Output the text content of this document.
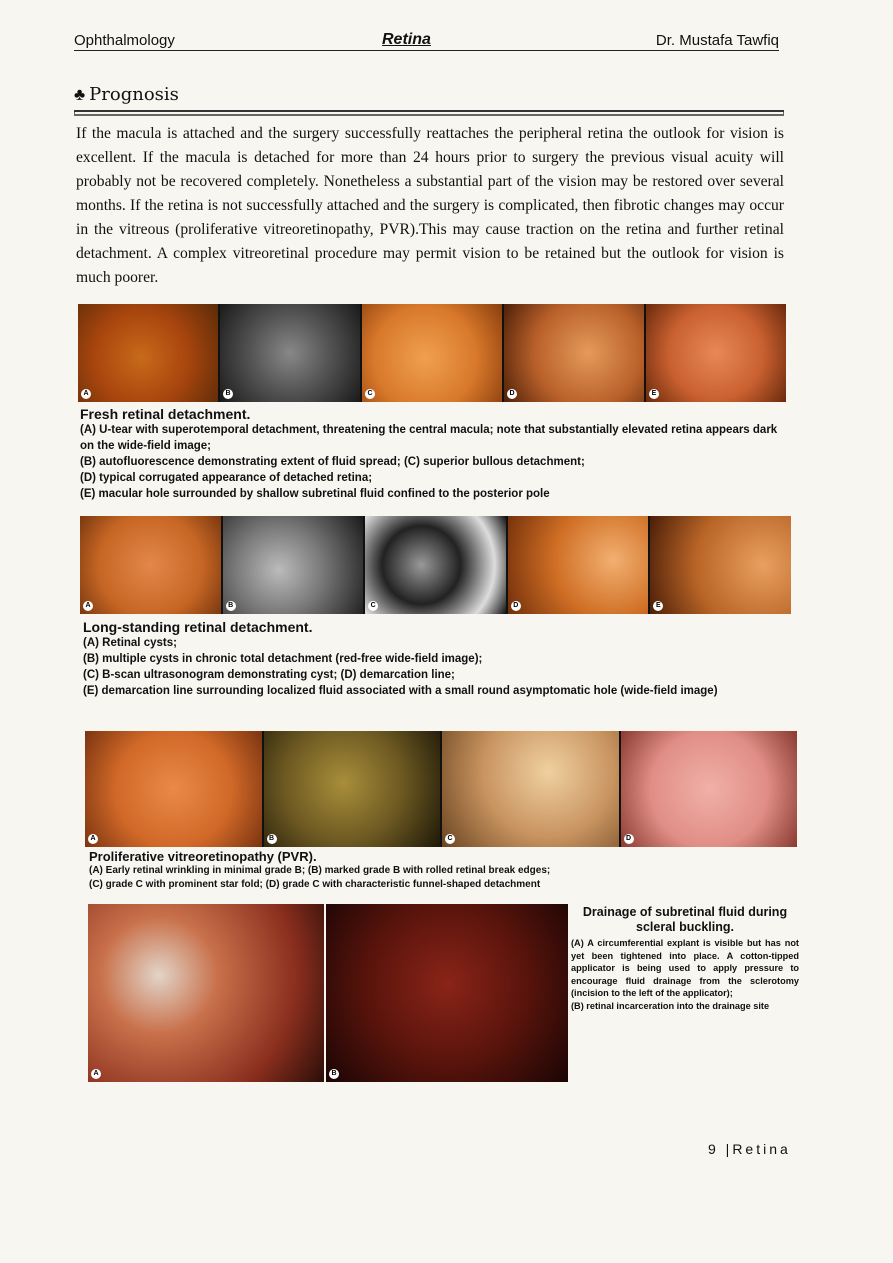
Ophthalmology	Retina	Dr. Mustafa Tawfiq
♣ Prognosis
If the macula is attached and the surgery successfully reattaches the peripheral retina the outlook for vision is excellent. If the macula is detached for more than 24 hours prior to surgery the previous visual acuity will probably not be recovered completely. Nonetheless a substantial part of the vision may be restored over several months. If the retina is not successfully attached and the surgery is complicated, then fibrotic changes may occur in the vitreous (proliferative vitreoretinopathy, PVR).This may cause traction on the retina and further retinal detachment. A complex vitreoretinal procedure may permit vision to be retained but the outlook for vision is much poorer.
A	B	C	D	E
Fresh retinal detachment.
(A) U-tear with superotemporal detachment, threatening the central macula; note that substantially elevated retina appears dark on the wide-field image;
(B) autofluorescence demonstrating extent of fluid spread; (C) superior bullous detachment;
(D) typical corrugated appearance of detached retina;
(E) macular hole surrounded by shallow subretinal fluid confined to the posterior pole
A	B	C	D	E
Long-standing retinal detachment.
(A) Retinal cysts;
(B) multiple cysts in chronic total detachment (red-free wide-field image);
(C) B-scan ultrasonogram demonstrating cyst; (D) demarcation line;
(E) demarcation line surrounding localized fluid associated with a small round asymptomatic hole (wide-field image)
A	B	C	D
Proliferative vitreoretinopathy (PVR).
(A) Early retinal wrinkling in minimal grade B; (B) marked grade B with rolled retinal break edges;
(C) grade C with prominent star fold; (D) grade C with characteristic funnel-shaped detachment
A	B
Drainage of subretinal fluid during scleral buckling.
(A) A circumferential explant is visible but has not yet been tightened into place. A cotton-tipped applicator is being used to apply pressure to encourage fluid drainage from the sclerotomy (incision to the left of the applicator);
(B) retinal incarceration into the drainage site
9 |Retina
